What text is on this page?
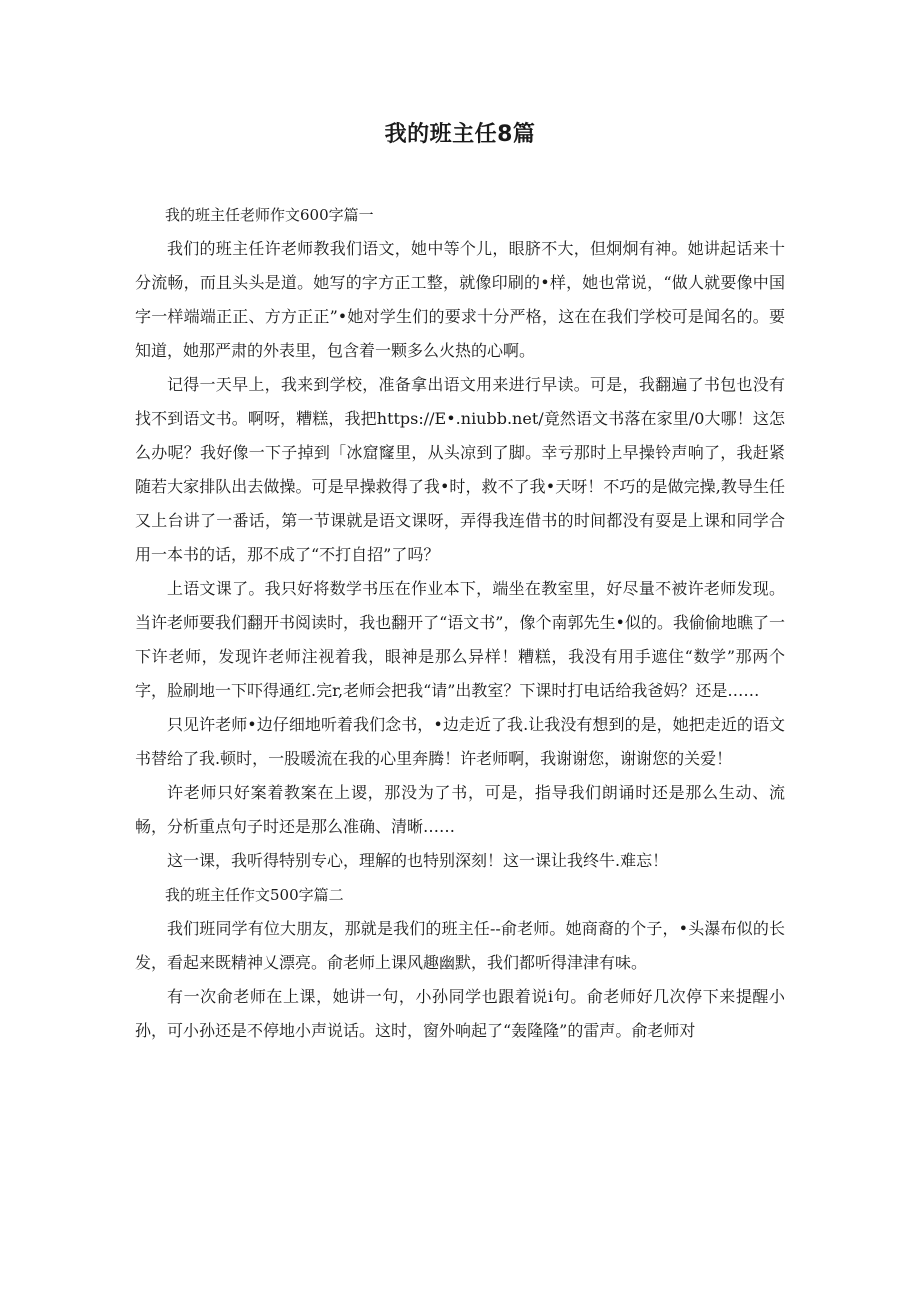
我的班主任8篇

我的班主任老师作文600字篇一

我们的班主任许老师教我们语文，她中等个儿，眼脐不大，但炯炯有神。她讲起话来十分流畅，而且头头是道。她写的字方正工整，就像印刷的•样，她也常说，“做人就要像中国字一样端端正正、方方正正”•她对学生们的要求十分严格，这在在我们学校可是闻名的。要知道，她那严肃的外表里，包含着一颗多么火热的心啊。

记得一天早上，我来到学校，准备拿出语文用来进行早读。可是，我翻遍了书包也没有找不到语文书。啊呀，糟糕，我把https://E•.niubb.net/竟然语文书落在家里/0大哪！这怎么办呢？我好像一下子掉到「冰窟窿里，从头凉到了脚。幸亏那时上早操铃声响了，我赶紧随若大家排队出去做操。可是早操救得了我•时，救不了我•天呀！不巧的是做完操,教导生任又上台讲了一番话，第一节课就是语文课呀，弄得我连借书的时间都没有耍是上课和同学合用一本书的话，那不成了“不打自招”了吗？

上语文课了。我只好将数学书压在作业本下，端坐在教室里，好尽量不被许老师发现。当许老师要我们翻开书阅读时，我也翻开了“语文书”，像个南郭先生•似的。我偷偷地瞧了一下许老师，发现许老师注视着我，眼神是那么异样！糟糕，我没有用手遮住“数学”那两个字，脸刷地一下吓得通红.完r,老师会把我“请”出教室？下课时打电话给我爸妈？还是……

只见许老师•边仔细地听着我们念书，•边走近了我.让我没有想到的是，她把走近的语文书替给了我.顿时，一股暖流在我的心里奔腾！许老师啊，我谢谢您，谢谢您的关爱！

许老师只好案着教案在上谡，那没为了书，可是，指导我们朗诵时还是那么生动、流畅，分析重点句子时还是那么准确、清晰……

这一课，我听得特别专心，理解的也特别深刻！这一课让我终牛.难忘！

我的班主任作文500字篇二

我们班同学有位大朋友，那就是我们的班主任--俞老师。她商裔的个子，•头瀑布似的长发，看起来既精神乂漂亮。俞老师上课风趣幽默，我们都听得津津有味。

有一次俞老师在上课，她讲一句，小孙同学也跟着说i句。俞老师好几次停下来提醒小孙，可小孙还是不停地小声说话。这时，窗外响起了“轰隆隆”的雷声。俞老师对
